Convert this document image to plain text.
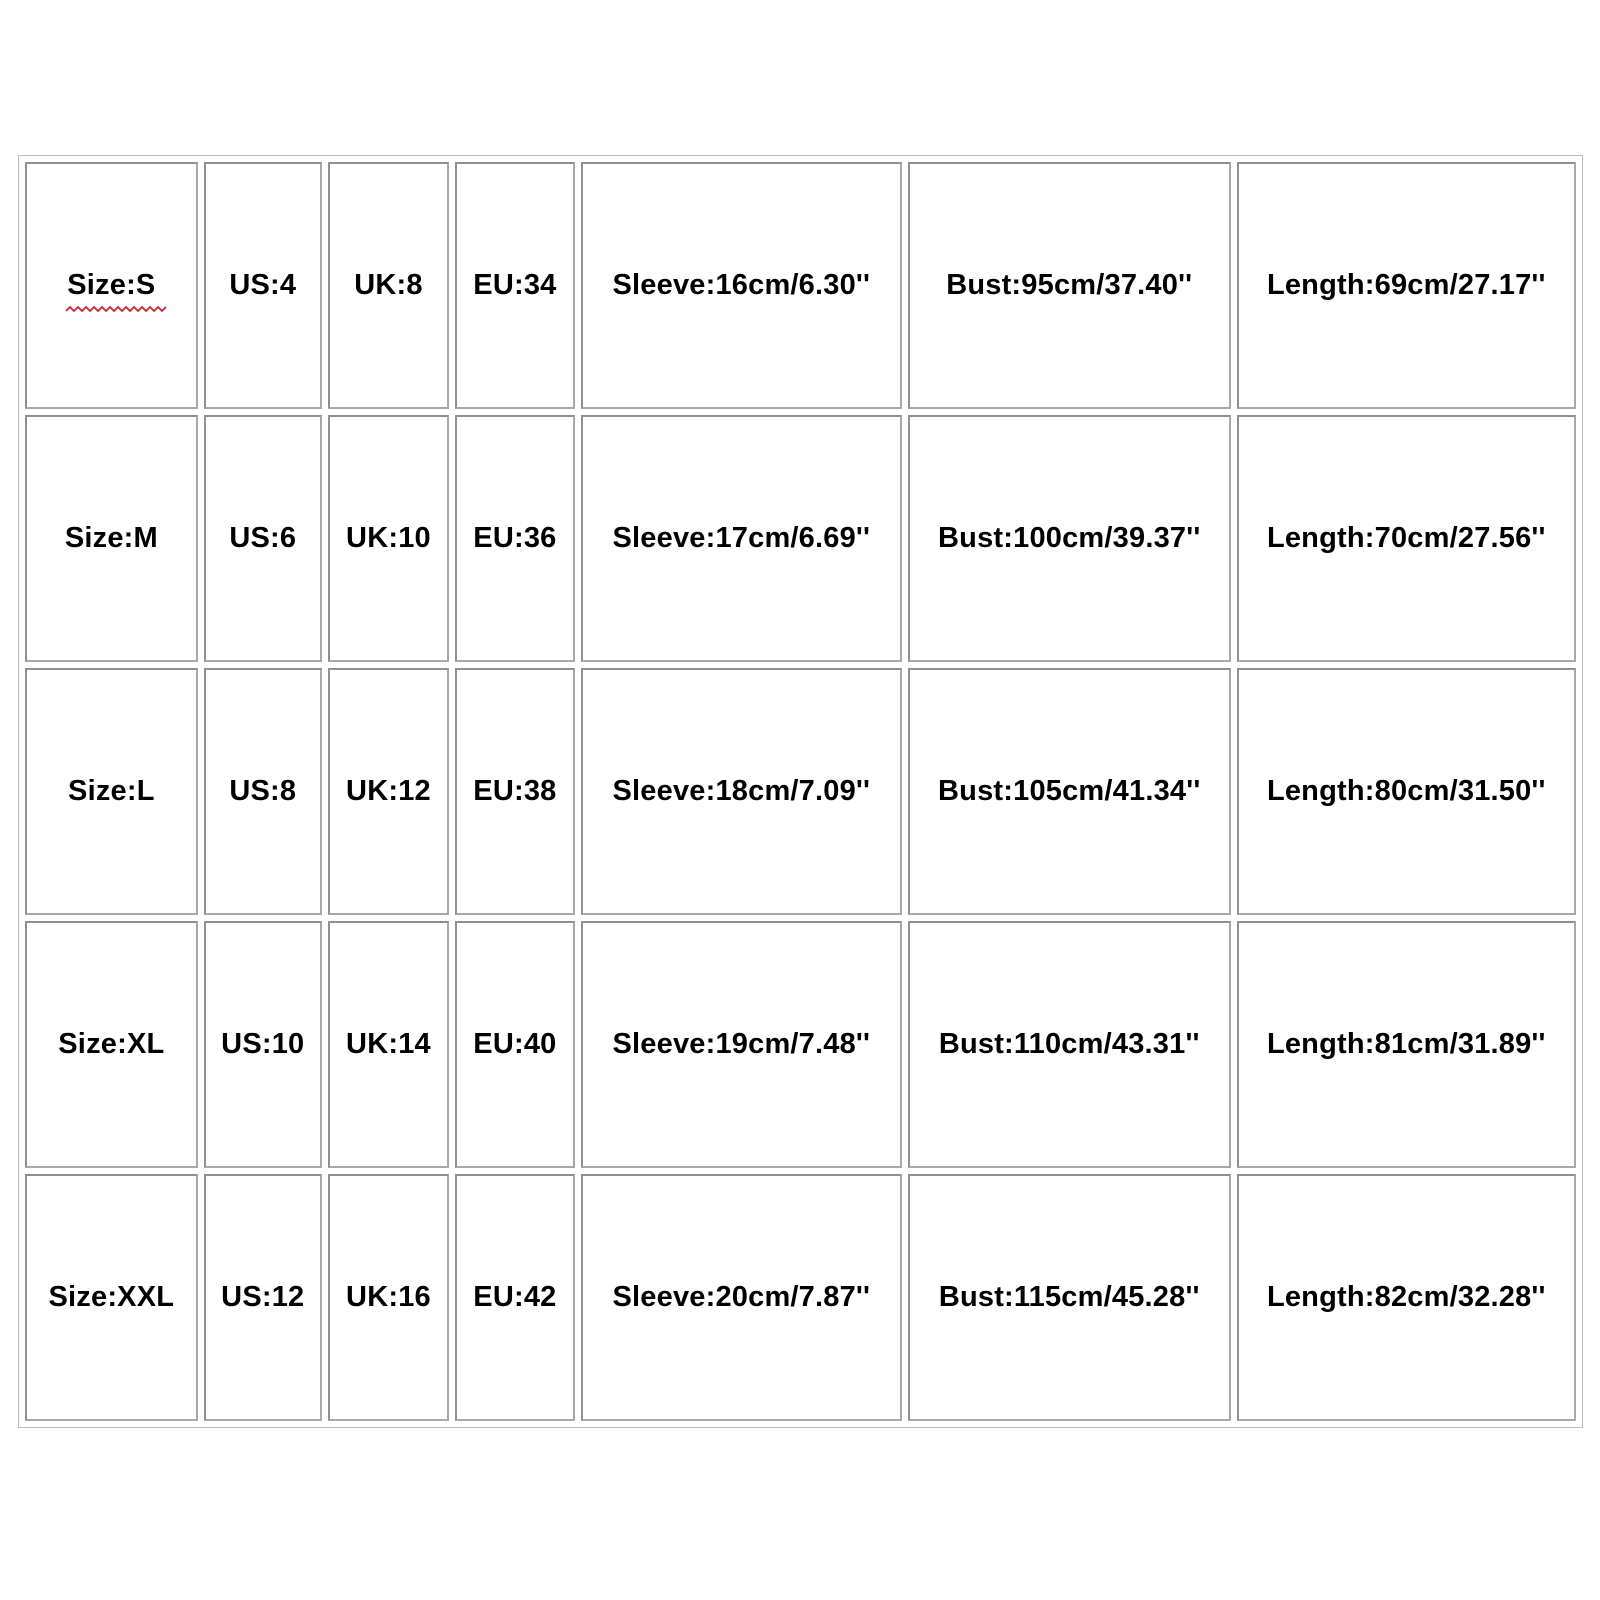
Size:S	US:4	UK:8	EU:34	Sleeve:16cm/6.30''	Bust:95cm/37.40''	Length:69cm/27.17''
Size:M	US:6	UK:10	EU:36	Sleeve:17cm/6.69''	Bust:100cm/39.37''	Length:70cm/27.56''
Size:L	US:8	UK:12	EU:38	Sleeve:18cm/7.09''	Bust:105cm/41.34''	Length:80cm/31.50''
Size:XL	US:10	UK:14	EU:40	Sleeve:19cm/7.48''	Bust:110cm/43.31''	Length:81cm/31.89''
Size:XXL	US:12	UK:16	EU:42	Sleeve:20cm/7.87''	Bust:115cm/45.28''	Length:82cm/32.28''
